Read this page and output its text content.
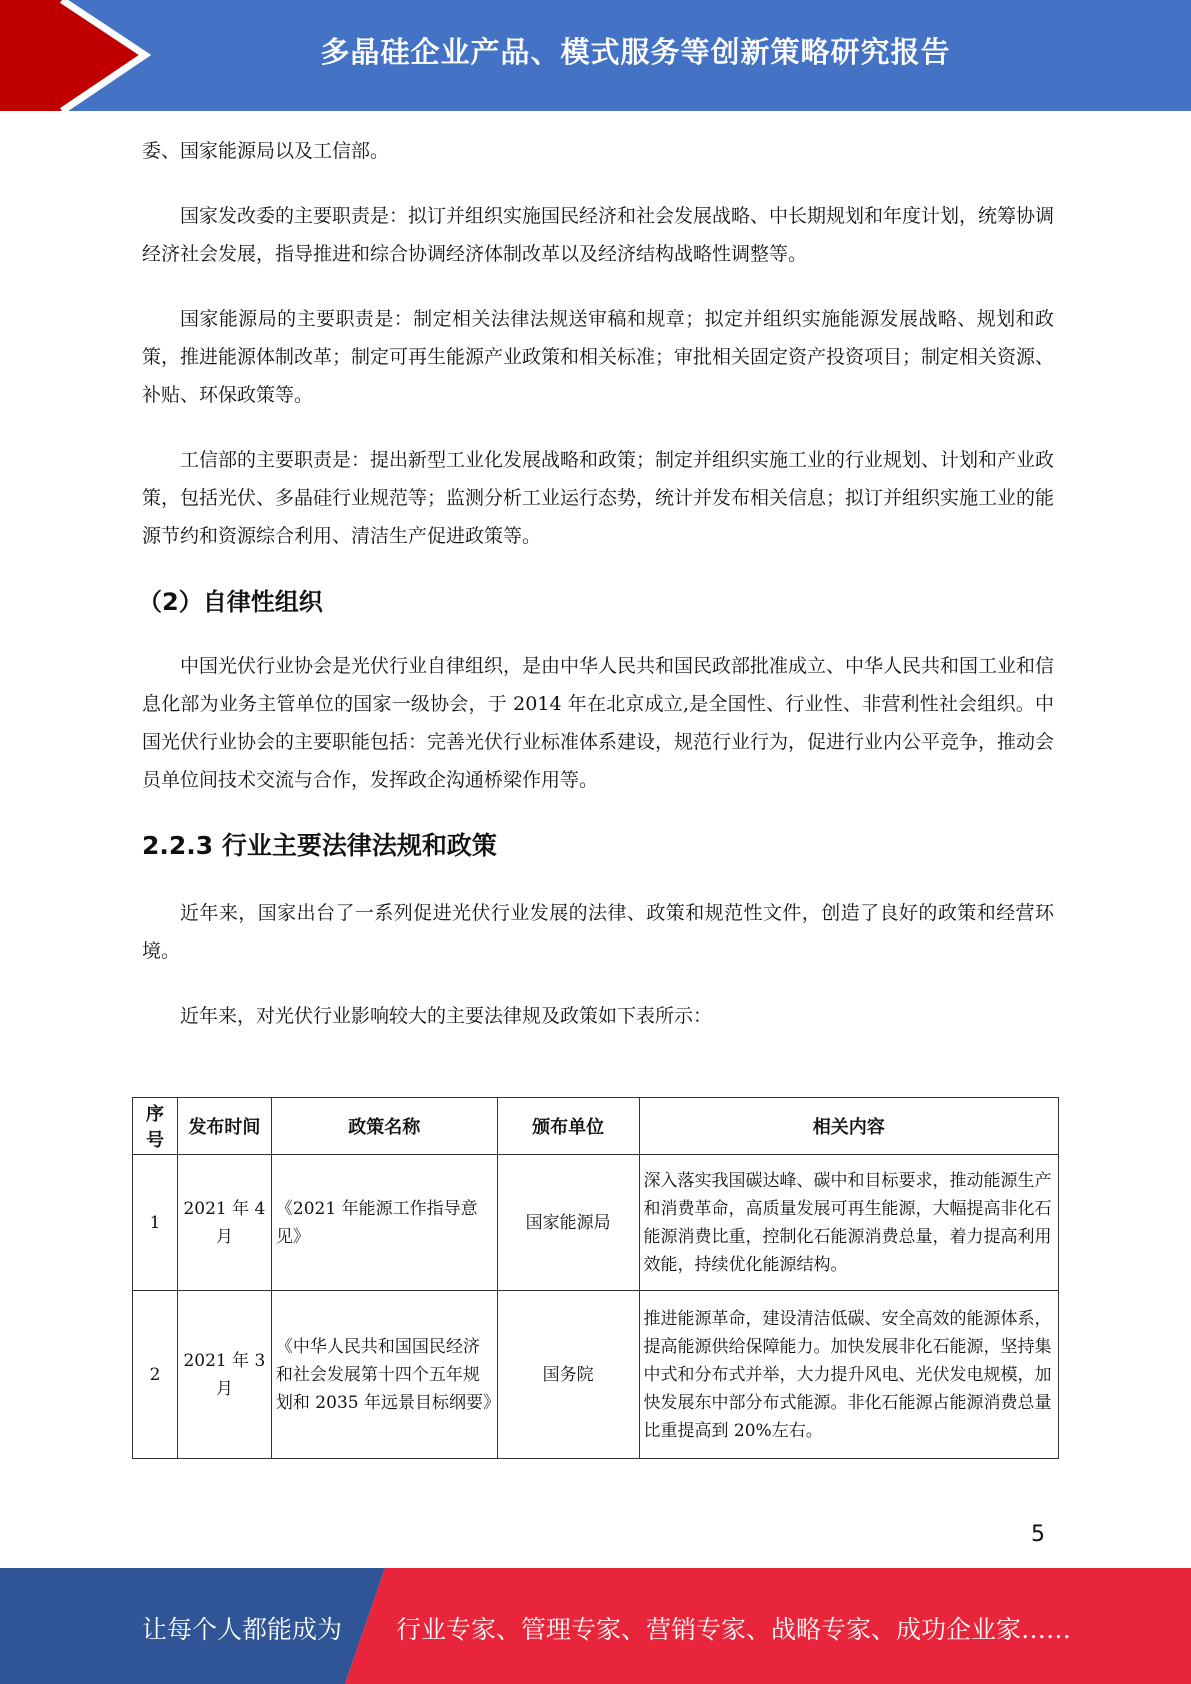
多晶硅企业产品、模式服务等创新策略研究报告

委、国家能源局以及工信部。

国家发改委的主要职责是：拟订并组织实施国民经济和社会发展战略、中长期规划和年度计划，统筹协调经济社会发展，指导推进和综合协调经济体制改革以及经济结构战略性调整等。

国家能源局的主要职责是：制定相关法律法规送审稿和规章；拟定并组织实施能源发展战略、规划和政策，推进能源体制改革；制定可再生能源产业政策和相关标准；审批相关固定资产投资项目；制定相关资源、补贴、环保政策等。

工信部的主要职责是：提出新型工业化发展战略和政策；制定并组织实施工业的行业规划、计划和产业政策，包括光伏、多晶硅行业规范等；监测分析工业运行态势，统计并发布相关信息；拟订并组织实施工业的能源节约和资源综合利用、清洁生产促进政策等。

（2）自律性组织

中国光伏行业协会是光伏行业自律组织，是由中华人民共和国民政部批准成立、中华人民共和国工业和信息化部为业务主管单位的国家一级协会，于 2014 年在北京成立,是全国性、行业性、非营利性社会组织。中国光伏行业协会的主要职能包括：完善光伏行业标准体系建设，规范行业行为，促进行业内公平竞争，推动会员单位间技术交流与合作，发挥政企沟通桥梁作用等。

2.2.3 行业主要法律法规和政策

近年来，国家出台了一系列促进光伏行业发展的法律、政策和规范性文件，创造了良好的政策和经营环境。

近年来，对光伏行业影响较大的主要法律规及政策如下表所示：

序号	发布时间	政策名称	颁布单位	相关内容
1	2021 年 4 月	《2021 年能源工作指导意见》	国家能源局	深入落实我国碳达峰、碳中和目标要求，推动能源生产和消费革命，高质量发展可再生能源，大幅提高非化石能源消费比重，控制化石能源消费总量，着力提高利用效能，持续优化能源结构。
2	2021 年 3 月	《中华人民共和国国民经济和社会发展第十四个五年规划和 2035 年远景目标纲要》	国务院	推进能源革命，建设清洁低碳、安全高效的能源体系，提高能源供给保障能力。加快发展非化石能源，坚持集中式和分布式并举，大力提升风电、光伏发电规模，加快发展东中部分布式能源。非化石能源占能源消费总量比重提高到 20%左右。
5
让每个人都能成为 行业专家、管理专家、营销专家、战略专家、成功企业家……
